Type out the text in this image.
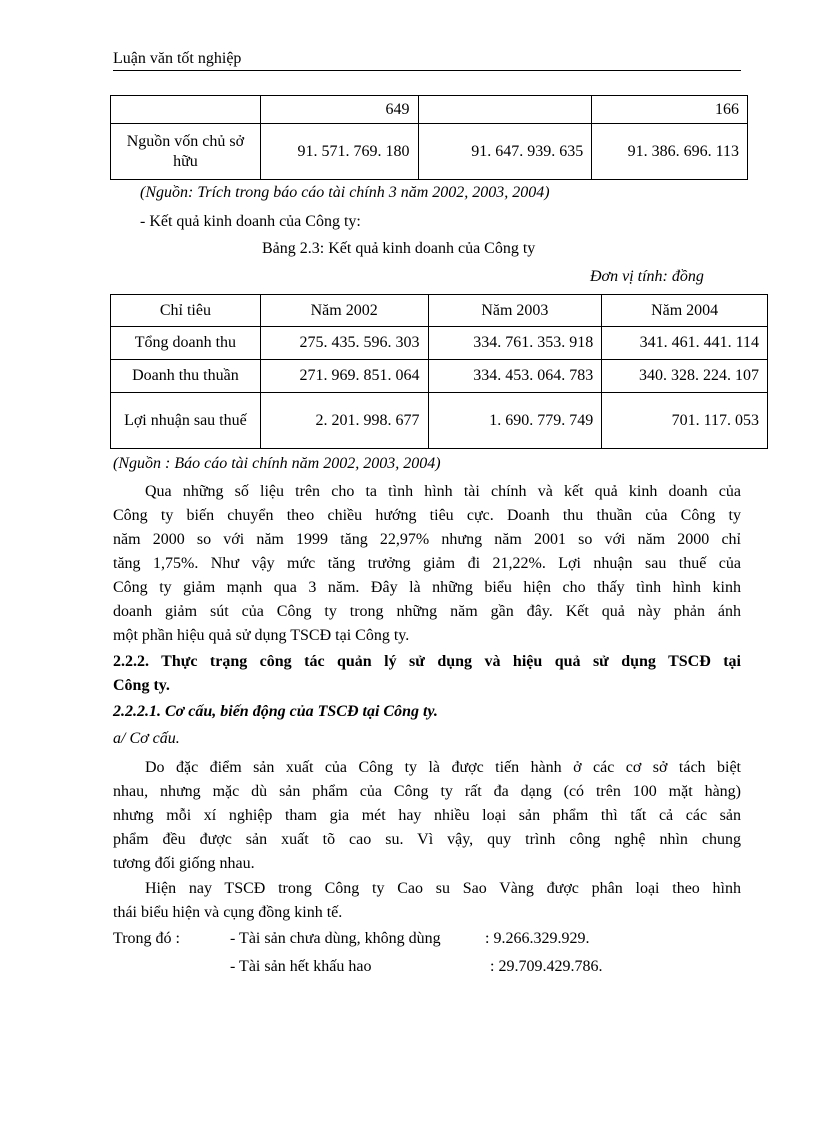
Luận văn tốt nghiệp
	649		166
Nguồn vốn chủ sở hữu	91. 571. 769. 180	91. 647. 939. 635	91. 386. 696. 113
(Nguồn: Trích trong báo cáo tài chính 3 năm 2002, 2003, 2004)
- Kết quả kinh doanh của Công ty:
Bảng 2.3: Kết quả kinh doanh của Công ty
Đơn vị tính: đồng
Chỉ tiêu	Năm 2002	Năm 2003	Năm 2004
Tổng doanh thu	275. 435. 596. 303	334. 761. 353. 918	341. 461. 441. 114
Doanh thu thuần	271. 969. 851. 064	334. 453. 064. 783	340. 328. 224. 107
Lợi nhuận sau thuế	2. 201. 998. 677	1. 690. 779. 749	701. 117. 053
(Nguồn : Báo cáo tài chính năm 2002, 2003, 2004)
Qua những số liệu trên cho ta tình hình tài chính và kết quả kinh doanh của
Công ty biến chuyển theo chiều hướng tiêu cực. Doanh thu thuần của Công ty
năm 2000 so với năm 1999 tăng 22,97% nhưng năm 2001 so với năm 2000 chỉ
tăng 1,75%. Như vậy mức tăng trưởng giảm đi 21,22%. Lợi nhuận sau thuế của
Công ty giảm mạnh qua 3 năm. Đây là những biểu hiện cho thấy tình hình kinh
doanh giảm sút của Công ty trong những năm gần đây. Kết quả này phản ánh
một phần hiệu quả sử dụng TSCĐ tại Công ty.
2.2.2. Thực trạng công tác quản lý sử dụng và hiệu quả sử dụng TSCĐ tại
Công ty.
2.2.2.1. Cơ cấu, biến động của TSCĐ tại Công ty.
a/ Cơ cấu.
Do đặc điểm sản xuất của Công ty là được tiến hành ở các cơ sở tách biệt
nhau, nhưng mặc dù sản phẩm của Công ty rất đa dạng (có trên 100 mặt hàng)
nhưng mỗi xí nghiệp tham gia mét hay nhiều loại sản phẩm thì tất cả các sản
phẩm đều được sản xuất tõ cao su. Vì vậy, quy trình công nghệ nhìn chung
tương đối giống nhau.
Hiện nay TSCĐ trong Công ty Cao su Sao Vàng được phân loại theo hình
thái biểu hiện và cụng đồng kinh tế.
Trong đó :	- Tài sản chưa dùng, không dùng	: 9.266.329.929.
- Tài sản hết khấu hao	: 29.709.429.786.
